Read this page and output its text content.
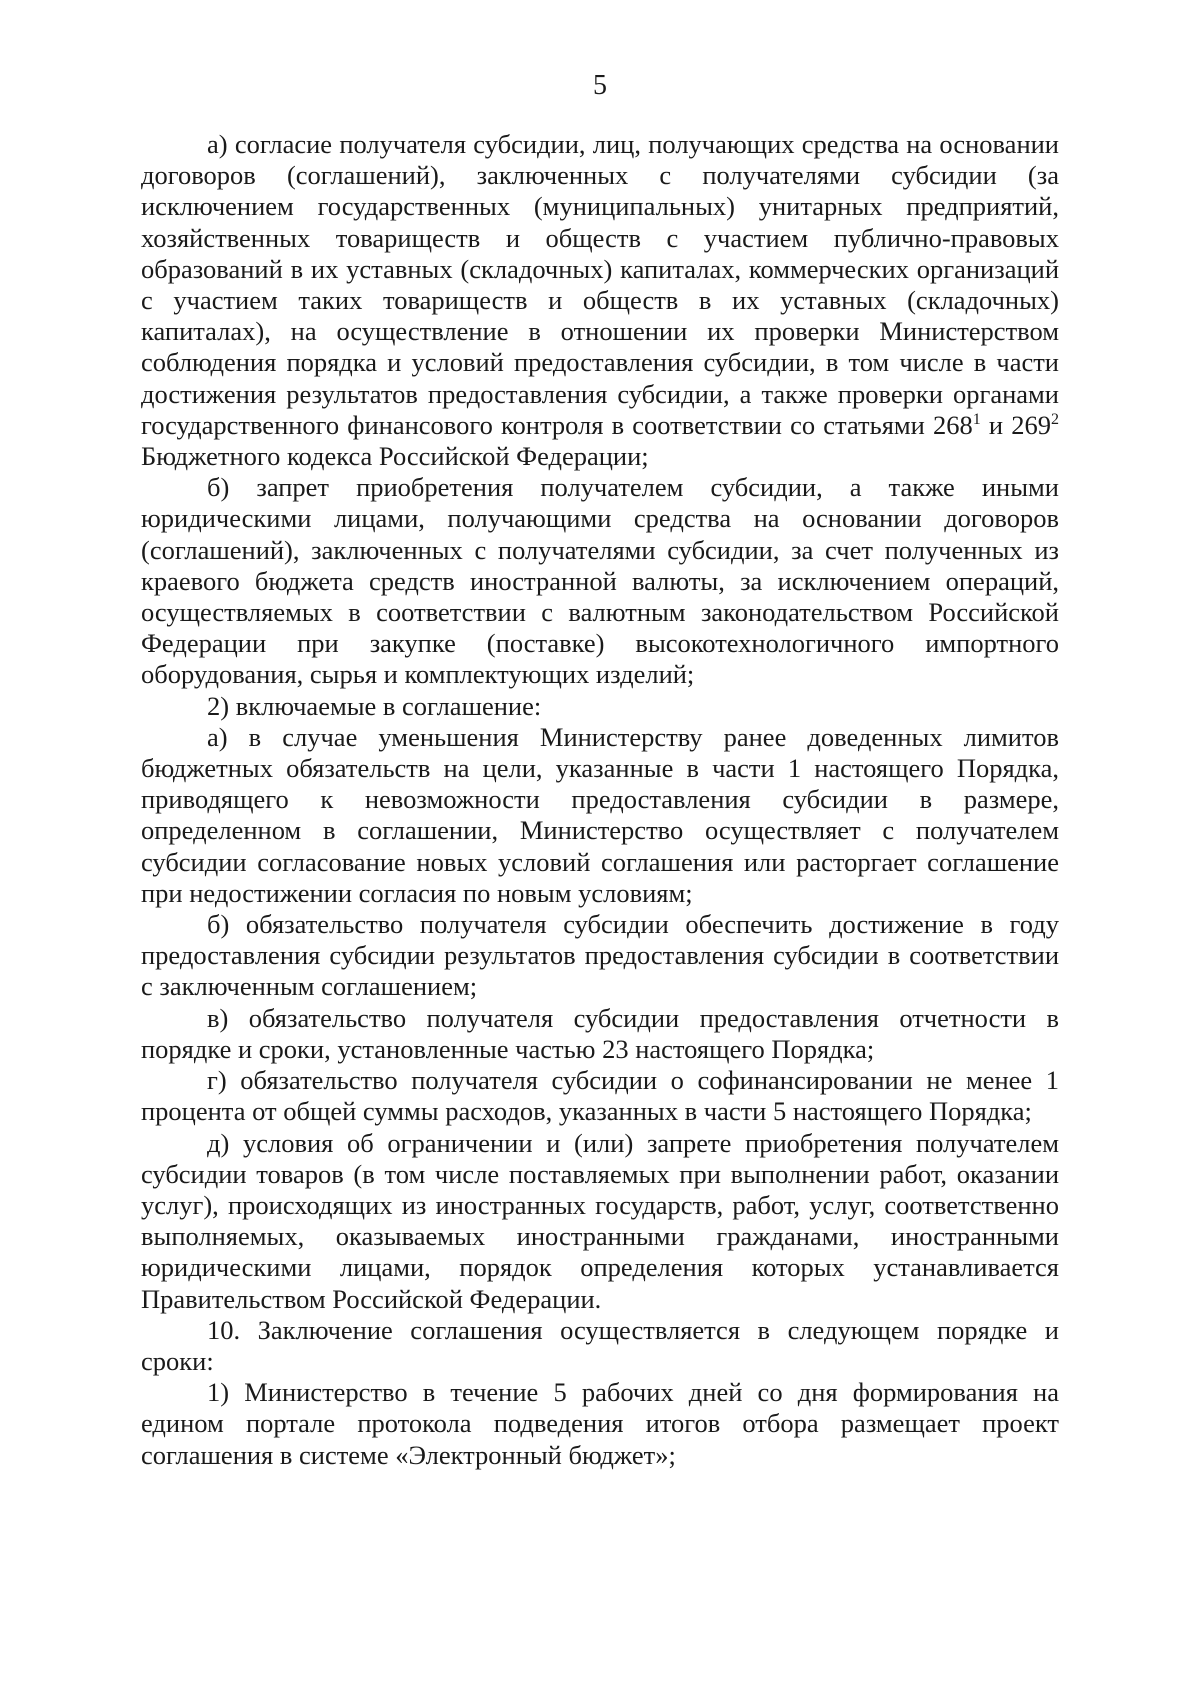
5

а) согласие получателя субсидии, лиц, получающих средства на основании договоров (соглашений), заключенных с получателями субсидии (за исключением государственных (муниципальных) унитарных предприятий, хозяйственных товариществ и обществ с участием публично-правовых образований в их уставных (складочных) капиталах, коммерческих организаций с участием таких товариществ и обществ в их уставных (складочных) капиталах), на осуществление в отношении их проверки Министерством соблюдения порядка и условий предоставления субсидии, в том числе в части достижения результатов предоставления субсидии, а также проверки органами государственного финансового контроля в соответствии со статьями $268^1$ и $269^2$ Бюджетного кодекса Российской Федерации;

б) запрет приобретения получателем субсидии, а также иными юридическими лицами, получающими средства на основании договоров (соглашений), заключенных с получателями субсидии, за счет полученных из краевого бюджета средств иностранной валюты, за исключением операций, осуществляемых в соответствии с валютным законодательством Российской Федерации при закупке (поставке) высокотехнологичного импортного оборудования, сырья и комплектующих изделий;

2) включаемые в соглашение:

а) в случае уменьшения Министерству ранее доведенных лимитов бюджетных обязательств на цели, указанные в части 1 настоящего Порядка, приводящего к невозможности предоставления субсидии в размере, определенном в соглашении, Министерство осуществляет с получателем субсидии согласование новых условий соглашения или расторгает соглашение при недостижении согласия по новым условиям;

б) обязательство получателя субсидии обеспечить достижение в году предоставления субсидии результатов предоставления субсидии в соответствии с заключенным соглашением;

в) обязательство получателя субсидии предоставления отчетности в порядке и сроки, установленные частью 23 настоящего Порядка;

г) обязательство получателя субсидии о софинансировании не менее 1 процента от общей суммы расходов, указанных в части 5 настоящего Порядка;

д) условия об ограничении и (или) запрете приобретения получателем субсидии товаров (в том числе поставляемых при выполнении работ, оказании услуг), происходящих из иностранных государств, работ, услуг, соответственно выполняемых, оказываемых иностранными гражданами, иностранными юридическими лицами, порядок определения которых устанавливается Правительством Российской Федерации.

10. Заключение соглашения осуществляется в следующем порядке и сроки:

1) Министерство в течение 5 рабочих дней со дня формирования на едином портале протокола подведения итогов отбора размещает проект соглашения в системе «Электронный бюджет»;
